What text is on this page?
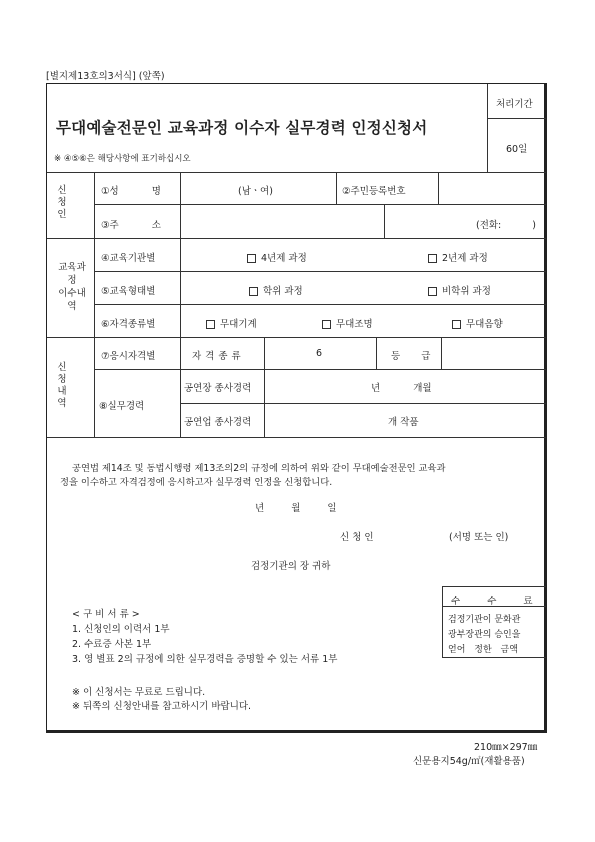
[별지제13호의3서식] (앞쪽)
무대예술전문인 교육과정 이수자 실무경력 인정신청서
처리기간
60일
※ ④⑤⑥은 해당사항에 표기하십시오
신
청
인
교육과
정
이수내
역
신
청
내
역
①성 명	(남ㆍ여)	②주민등록번호
③주 소	(전화: )
④교육기관별	4년제 과정	2년제 과정
⑤교육형태별	학위 과정	비학위 과정
⑥자격종류별	무대기계	무대조명	무대음향
⑦응시자격별	자격종류	6	등 급
⑧실무경력
공연장 종사경력	년 개월
공연업 종사경력	개 작품
공연법 제14조 및 동법시행령 제13조의2의 규정에 의하여 위와 같이 무대예술전문인 교육과
정을 이수하고 자격검정에 응시하고자 실무경력 인정을 신청합니다.
년 월 일
신 청 인	(서명 또는 인)
검정기관의 장 귀하
수 수 료
검정기관이 문화관
광부장관의 승인을
얻어 정한 금액
< 구 비 서 류 >
1. 신청인의 이력서 1부
2. 수료증 사본 1부
3. 영 별표 2의 규정에 의한 실무경력을 증명할 수 있는 서류 1부
※ 이 신청서는 무료로 드립니다.
※ 뒤쪽의 신청안내를 참고하시기 바랍니다.
210㎜×297㎜
신문용지54g/㎡(재활용품)
